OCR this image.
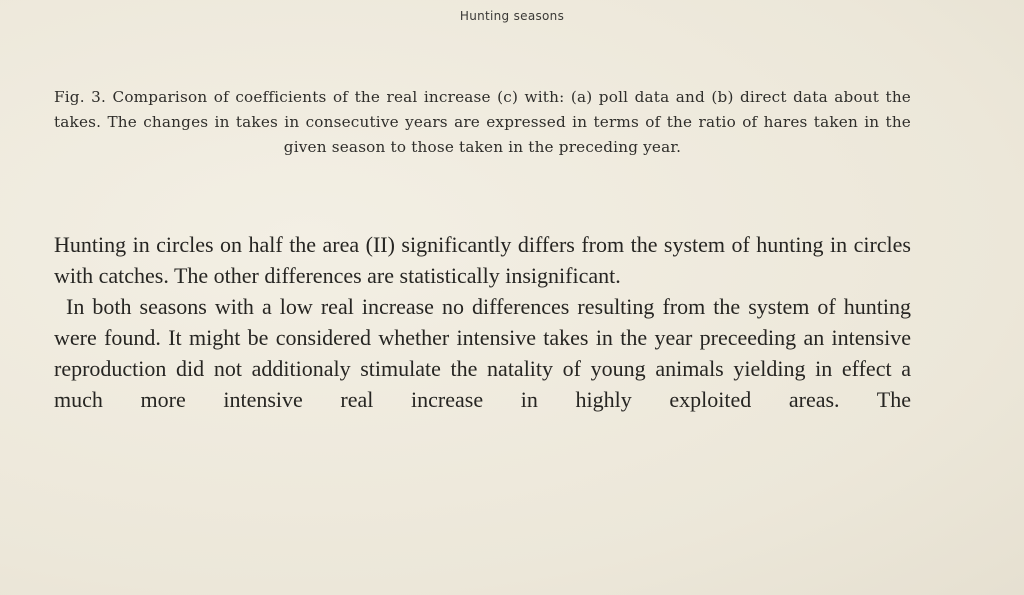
Hunting seasons
Fig. 3. Comparison of coefficients of the real increase (c) with: (a) poll data and (b) direct data about the takes. The changes in takes in consecutive years are expressed in terms of the ratio of hares taken in the given season to those taken in the preceding year.

Hunting in circles on half the area (II) significantly differs from the system of hunting in circles with catches. The other differences are statistically insignificant.

In both seasons with a low real increase no differences resulting from the system of hunting were found. It might be considered whether intensive takes in the year preceeding an intensive reproduction did not additionaly stimulate the natality of young animals yielding in effect a much more intensive real increase in highly exploited areas. The
